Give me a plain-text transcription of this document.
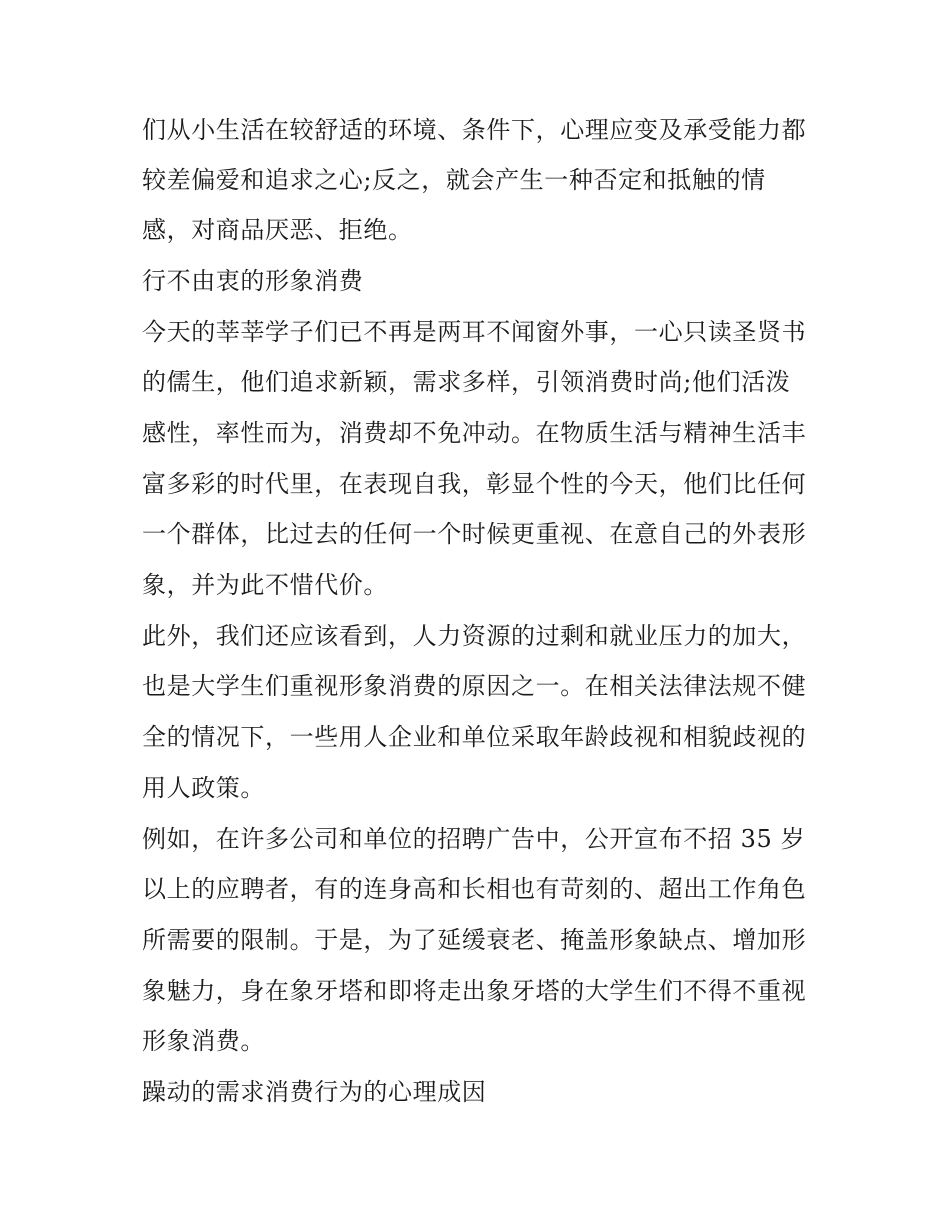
们从小生活在较舒适的环境、条件下，心理应变及承受能力都
较差偏爱和追求之心;反之，就会产生一种否定和抵触的情
感，对商品厌恶、拒绝。
行不由衷的形象消费
今天的莘莘学子们已不再是两耳不闻窗外事，一心只读圣贤书
的儒生，他们追求新颖，需求多样，引领消费时尚;他们活泼
感性，率性而为，消费却不免冲动。在物质生活与精神生活丰
富多彩的时代里，在表现自我，彰显个性的今天，他们比任何
一个群体，比过去的任何一个时候更重视、在意自己的外表形
象，并为此不惜代价。
此外，我们还应该看到，人力资源的过剩和就业压力的加大，
也是大学生们重视形象消费的原因之一。在相关法律法规不健
全的情况下，一些用人企业和单位采取年龄歧视和相貌歧视的
用人政策。
例如，在许多公司和单位的招聘广告中，公开宣布不招 35 岁
以上的应聘者，有的连身高和长相也有苛刻的、超出工作角色
所需要的限制。于是，为了延缓衰老、掩盖形象缺点、增加形
象魅力，身在象牙塔和即将走出象牙塔的大学生们不得不重视
形象消费。
躁动的需求消费行为的心理成因
